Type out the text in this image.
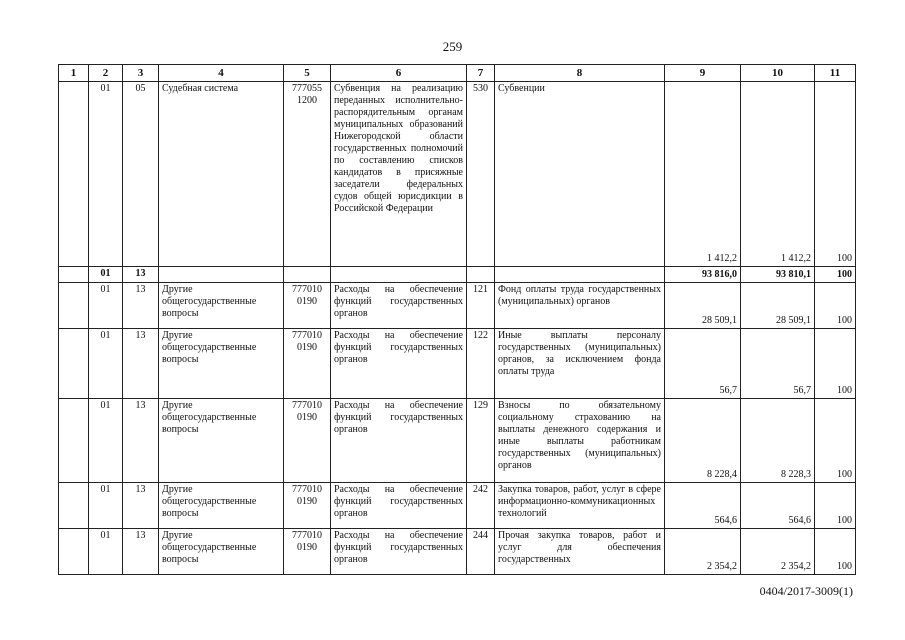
259
1	2	3	4	5	6	7	8	9	10	11
	01	05	Судебная система	777055 1200	Субвенция на реализацию переданных исполнительно-распорядительным органам муниципальных образований Нижегородской области государственных полномочий по составлению списков кандидатов в присяжные заседатели федеральных судов общей юрисдикции в Российской Федерации	530	Субвенции	1 412,2	1 412,2	100
	01	13						93 816,0	93 810,1	100
	01	13	Другие общегосударственные вопросы	777010 0190	Расходы на обеспечение функций государственных органов	121	Фонд оплаты труда государственных (муниципальных) органов	28 509,1	28 509,1	100
	01	13	Другие общегосударственные вопросы	777010 0190	Расходы на обеспечение функций государственных органов	122	Иные выплаты персоналу государственных (муниципальных) органов, за исключением фонда оплаты труда	56,7	56,7	100
	01	13	Другие общегосударственные вопросы	777010 0190	Расходы на обеспечение функций государственных органов	129	Взносы по обязательному социальному страхованию на выплаты денежного содержания и иные выплаты работникам государственных (муниципальных) органов	8 228,4	8 228,3	100
	01	13	Другие общегосударственные вопросы	777010 0190	Расходы на обеспечение функций государственных органов	242	Закупка товаров, работ, услуг в сфере информационно-коммуникационных технологий	564,6	564,6	100
	01	13	Другие общегосударственные вопросы	777010 0190	Расходы на обеспечение функций государственных органов	244	Прочая закупка товаров, работ и услуг для обеспечения государственных	2 354,2	2 354,2	100
0404/2017-3009(1)
